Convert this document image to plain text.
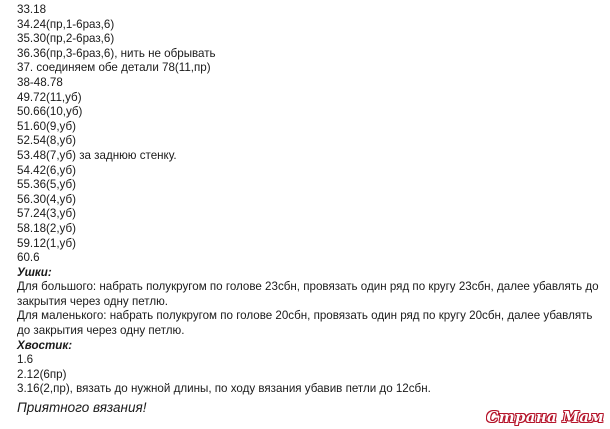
33.18
34.24(пр,1-6раз,6)
35.30(пр,2-6раз,6)
36.36(пр,3-6раз,6), нить не обрывать
37. соединяем обе детали 78(11,пр)
38-48.78
49.72(11,уб)
50.66(10,уб)
51.60(9,уб)
52.54(8,уб)
53.48(7,уб) за заднюю стенку.
54.42(6,уб)
55.36(5,уб)
56.30(4,уб)
57.24(3,уб)
58.18(2,уб)
59.12(1,уб)
60.6
Ушки:
Для большого: набрать полукругом по голове 23сбн, провязать один ряд по кругу 23сбн, далее убавлять до закрытия через одну петлю.
Для маленького: набрать полукругом по голове 20сбн, провязать один ряд по кругу 20сбн, далее убавлять до закрытия через одну петлю.
Хвостик:
1.6
2.12(6пр)
3.16(2,пр), вязать до нужной длины, по ходу вязания убавив петли до 12сбн.
Приятного вязания!
Страна Мам
